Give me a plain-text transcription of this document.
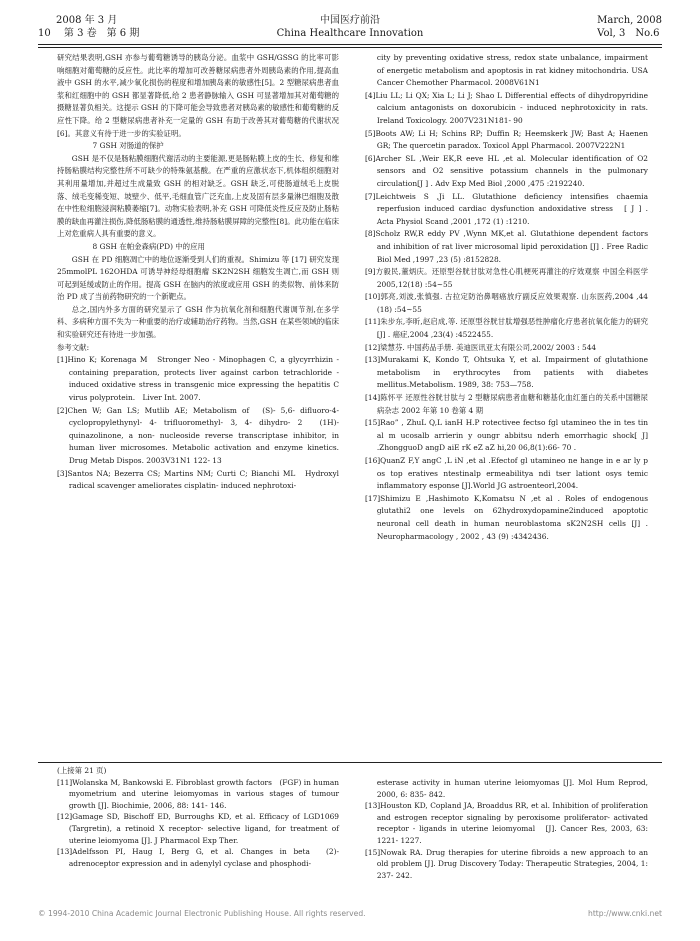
2008 年 3 月
10　 第 3 卷　第 6 期
中国医疗前沿
China Healthcare Innovation
March, 2008
Vol, 3　No.6

研究结果表明,GSH 亦参与葡萄糖诱导的胰岛分泌。血浆中 GSH/GSSG 的比率可影响细胞对葡萄糖的反应性。此比率的增加可改善糖尿病患者外周胰岛素的作用,提高血液中 GSH 的水平,减少氧化损伤的程度和增加胰岛素的敏感性[5]。2 型糖尿病患者血浆和红细胞中的 GSH 都显著降低,给 2 患者静脉输入 GSH 可显著增加其对葡萄糖的摄糖显著负相关。这提示 GSH 的下降可能会导致患者对胰岛素的敏感性和葡萄糖的反应性下降。给 2 型糖尿病患者补充一定量的 GSH 有助于改善其对葡萄糖的代谢状况[6]。其意义有待于进一步的实验证明。

7 GSH 对肠道的保护

GSH 是不仅是肠粘膜细胞代谢活动的主要能源,更是肠粘膜上皮的生长、修复和维持肠粘膜结构完整性所不可缺少的特殊氨基酸。在严重的应激状态下,机体组织细胞对其利用量增加,并超过生成量致 GSH 的相对缺乏。GSH 缺乏,可使肠道绒毛上皮脱落、绒毛变稀变短、坡壁少、低平,毛细血管广泛充血,上皮及固有层多量淋巴细胞及散在中性粒细胞浸润粘膜萎缩[7]。动物实验表明,补充 GSH 可降低炎性反应及防止肠粘膜的缺血再灌注损伤,降低肠粘膜的通透性,维持肠粘膜屏障的完整性[8]。此功能在临床上对危重病人具有重要的意义。

8 GSH 在帕金森病(PD) 中的应用

GSH 在 PD 细胞凋亡中的地位逐渐受到人们的重视。Shimizu 等 [17] 研究发现 25mmolPL 162OHDA 可诱导神经母细胞瘤 SK2N2SH 细胞发生凋亡,而 GSH 则可起到延缓或防止的作用。提高 GSH 在脑内的浓度或应用 GSH 的类似物、前体来防治 PD 成了当前药物研究的一个新靶点。

总之,国内外多方面的研究显示了 GSH 作为抗氧化剂和细胞代谢调节剂,在多学科、多病种方面不失为一种重要的治疗或辅助治疗药物。当然,GSH 在某些领域的临床和实验研究还有待进一步加强。

参考文献:

[1]Hino K; Korenaga M　Stronger Neo - Minophagen C, a glycyrrhizin - containing preparation, protects liver against carbon tetrachloride - induced oxidative stress in transgenic mice expressing the hepatitis C　virus polyprotein.　Liver Int. 2007.

[2]Chen W; Gan LS; Mutlib AE; Metabolism of　(S)- 5,6- difluoro-4- cyclopropylethynyl- 4- trifluoromethyl- 3, 4- dihydro- 2　(1H)- quinazolinone, a non- nucleoside reverse transcriptase inhibitor, in human liver microsomes. Metabolic activation and enzyme kinetics. Drug Metab Dispos. 2003V31N1 122- 13

[3]Santos NA; Bezerra CS; Martins NM; Curti C; Bianchi ML　Hydroxyl radical scavenger ameliorates cisplatin- induced nephrotoxi-

city by preventing oxidative stress, redox state unbalance, impairment of energetic metabolism and apoptosis in rat kidney mitochondria. USA Cancer Chemother Pharmacol. 2008V61N1

[4]Liu LL; Li QX; Xia L; Li J; Shao L Differential effects of dihydropyridine calcium antagonists on doxorubicin - induced nephrotoxicity in rats. Ireland Toxicology. 2007V231N181- 90

[5]Boots AW; Li H; Schins RP; Duffin R; Heemskerk JW; Bast A; Haenen GR; The quercetin paradox. Toxicol Appl Pharmacol. 2007V222N1

[6]Archer SL ,Weir EK,R eeve HL ,et al. Molecular identification of O2 sensors and O2 sensitive potassium channels in the pulmonary circulation[J ] . Adv Exp Med Biol ,2000 ,475 :2192240.

[7]Leichtweis S ,Ji LL. Glutathione deficiency intensifies chaemia reperfusion induced cardiac dysfunction andoxidative stress　[ J ] . Acta Physiol Scand ,2001 ,172 (1) :1210.

[8]Scholz RW,R eddy PV ,Wynn MK,et al. Glutathione dependent factors and inhibition of rat liver microsomal lipid peroxidation [J] . Free Radic Biol Med ,1997 ,23 (5) :8152828.

[9]方毅民,董炳庆。还原型谷胱甘肽对急性心肌梗死再灌注的疗效观察 中国全科医学 2005,12(18) :54~55

[10]郭亮,刘波,张慎强. 古拉定防治鼻咽癌放疗副反应效果观察. 山东医药,2004 ,44 (18) :54~55

[11]朱步东,李昕,赵启成,等. 还原型谷胱甘肽增强恶性肿瘤化疗患者抗氧化能力的研究[J] . 癌症,2004 ,23(4) :4522455.

[12]梁慧芬. 中国药品手册. 美迪医讯亚太有限公司,2002/ 2003 : 544

[13]Murakami K, Kondo T, Ohtsuka Y, et al. Impairment of glutathione metabolism in erythrocytes from patients with diabetes mellitus.Metabolism. 1989, 38: 753—758.

[14]陈怀平 还原性谷胱甘肽与 2 型糖尿病患者血糖和糖基化血红蛋白的关系中国糖尿病杂志 2002 年第 10 卷第 4 期

[15]Rao” , ZhuL Q,L ianH H.P rotectivee fectso fgl utamineo the in tes tin al m ucosalb arrierin y oungr abbitsu nderh emorrhagic shock[ J] .ZhongguoD angD aiE rK eZ aZ hi,20 06,8(1):66- 70 .

[16]QuanZ F,Y angC ,L iN ,et al .Efectof gl utamineo ne hange in e ar ly p os top eratives ntestinalp ermeabilitya ndi tser lationt osys temic inflammatory esponse [J].World JG astroenteorl,2004.

[17]Shimizu E ,Hashimoto K,Komatsu N ,et al . Roles of endogenous glutathi2 one levels on 62hydroxydopamine2induced apoptotic neuronal cell death in human neuroblastoma sK2N2SH cells [J] . Neuropharmacology , 2002 , 43 (9) :4342436.

(上接第 21 页)

[11]Wolanska M, Bankowski E. Fibroblast growth factors　(FGF) in human myometrium and uterine leiomyomas in various stages of tumour growth [J]. Biochimie, 2006, 88: 141- 146.

[12]Gamage SD, Bischoff ED, Burroughs KD, et al. Efficacy of LGD1069 (Targretin), a retinoid X receptor- selective ligand, for treatment of uterine leiomyoma [J]. J Pharmacol Exp Ther.

[13]Adelfsson PI, Haug I, Berg G, et al. Changes in beta　(2)- adrenoceptor expression and in adenylyl cyclase and phosphodi-

esterase activity in human uterine leiomyomas [J]. Mol Hum Reprod, 2000, 6: 835- 842.

[13]Houston KD, Copland JA, Broaddus RR, et al. Inhibition of proliferation and estrogen receptor signaling by peroxisome proliferator- activated receptor - ligands in uterine leiomyomal　[J]. Cancer Res, 2003, 63: 1221- 1227.

[15]Nowak RA. Drug therapies for uterine fibroids a new approach to an old problem [J]. Drug Discovery Today: Therapeutic Strategies, 2004, 1: 237- 242.

© 1994-2010 China Academic Journal Electronic Publishing House. All rights reserved.	http://www.cnki.net
